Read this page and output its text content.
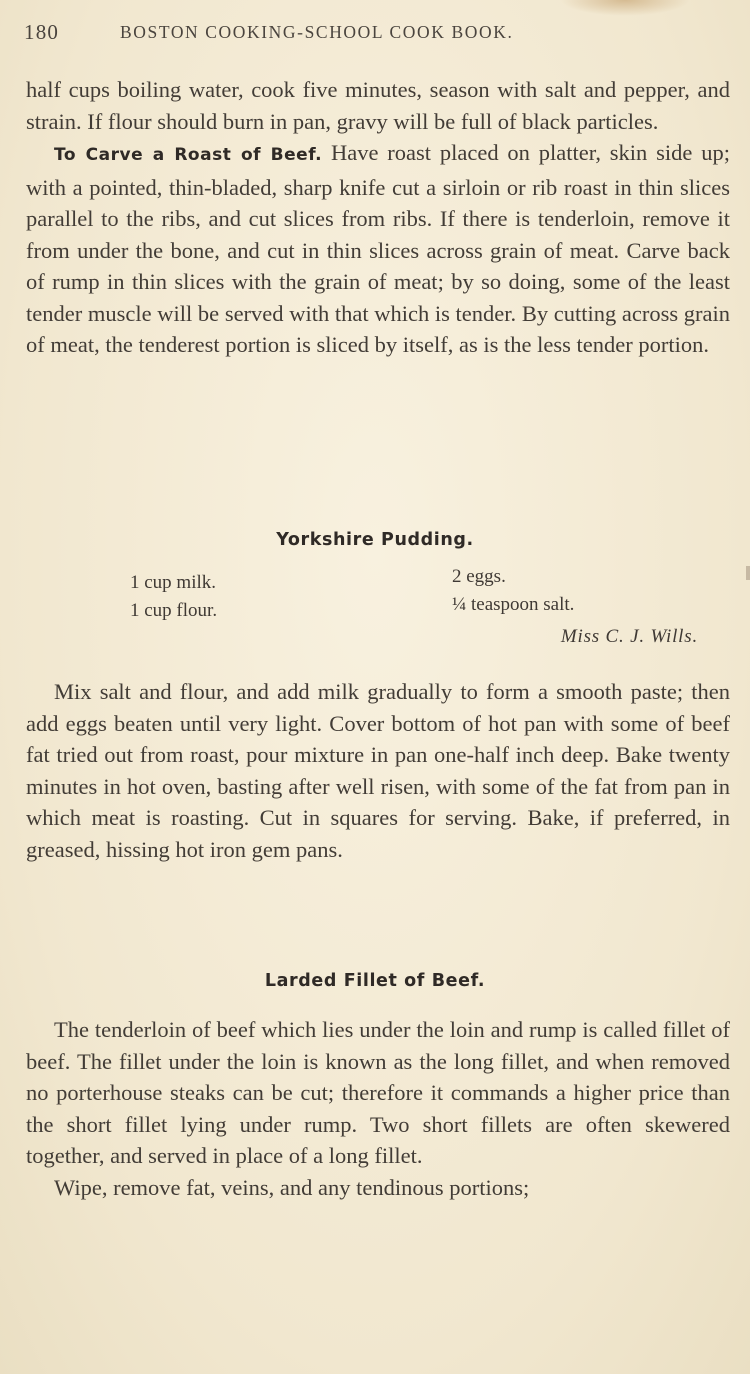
180	BOSTON COOKING-SCHOOL COOK BOOK.

half cups boiling water, cook five minutes, season with salt and pepper, and strain. If flour should burn in pan, gravy will be full of black particles.

To Carve a Roast of Beef. Have roast placed on platter, skin side up; with a pointed, thin-bladed, sharp knife cut a sirloin or rib roast in thin slices parallel to the ribs, and cut slices from ribs. If there is tenderloin, remove it from under the bone, and cut in thin slices across grain of meat. Carve back of rump in thin slices with the grain of meat; by so doing, some of the least tender muscle will be served with that which is tender. By cutting across grain of meat, the tenderest portion is sliced by itself, as is the less tender portion.

Yorkshire Pudding.
1 cup milk.
1 cup flour.
2 eggs.
¼ teaspoon salt.
Miss C. J. Wills.

Mix salt and flour, and add milk gradually to form a smooth paste; then add eggs beaten until very light. Cover bottom of hot pan with some of beef fat tried out from roast, pour mixture in pan one-half inch deep. Bake twenty minutes in hot oven, basting after well risen, with some of the fat from pan in which meat is roasting. Cut in squares for serving. Bake, if preferred, in greased, hissing hot iron gem pans.

Larded Fillet of Beef.

The tenderloin of beef which lies under the loin and rump is called fillet of beef. The fillet under the loin is known as the long fillet, and when removed no porterhouse steaks can be cut; therefore it commands a higher price than the short fillet lying under rump. Two short fillets are often skewered together, and served in place of a long fillet.

Wipe, remove fat, veins, and any tendinous portions;
